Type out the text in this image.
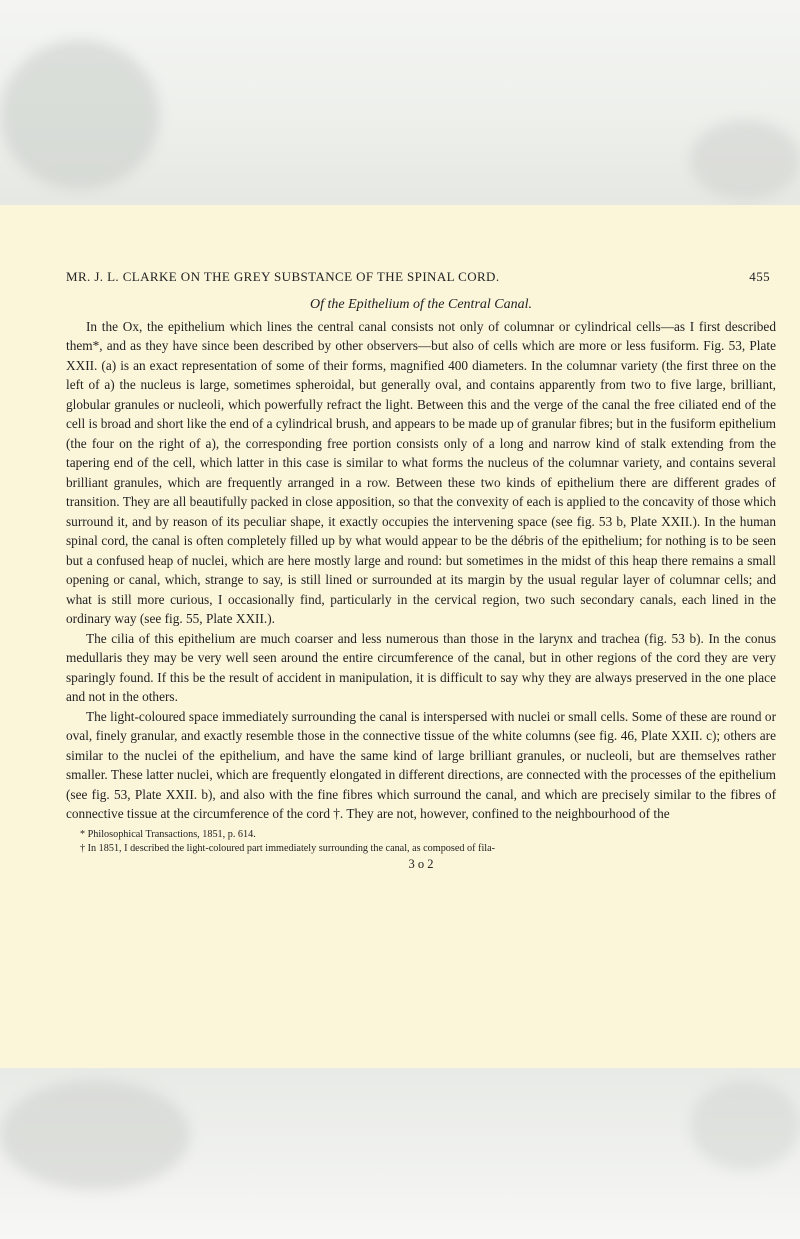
MR. J. L. CLARKE ON THE GREY SUBSTANCE OF THE SPINAL CORD.	455
Of the Epithelium of the Central Canal.

In the Ox, the epithelium which lines the central canal consists not only of columnar or cylindrical cells—as I first described them*, and as they have since been described by other observers—but also of cells which are more or less fusiform. Fig. 53, Plate XXII. (a) is an exact representation of some of their forms, magnified 400 diameters. In the columnar variety (the first three on the left of a) the nucleus is large, sometimes spheroidal, but generally oval, and contains apparently from two to five large, brilliant, globular granules or nucleoli, which powerfully refract the light. Between this and the verge of the canal the free ciliated end of the cell is broad and short like the end of a cylindrical brush, and appears to be made up of granular fibres; but in the fusiform epithelium (the four on the right of a), the corresponding free portion consists only of a long and narrow kind of stalk extending from the tapering end of the cell, which latter in this case is similar to what forms the nucleus of the columnar variety, and contains several brilliant granules, which are frequently arranged in a row. Between these two kinds of epithelium there are different grades of transition. They are all beautifully packed in close apposition, so that the convexity of each is applied to the concavity of those which surround it, and by reason of its peculiar shape, it exactly occupies the intervening space (see fig. 53 b, Plate XXII.). In the human spinal cord, the canal is often completely filled up by what would appear to be the débris of the epithelium; for nothing is to be seen but a confused heap of nuclei, which are here mostly large and round: but sometimes in the midst of this heap there remains a small opening or canal, which, strange to say, is still lined or surrounded at its margin by the usual regular layer of columnar cells; and what is still more curious, I occasionally find, particularly in the cervical region, two such secondary canals, each lined in the ordinary way (see fig. 55, Plate XXII.).

The cilia of this epithelium are much coarser and less numerous than those in the larynx and trachea (fig. 53 b). In the conus medullaris they may be very well seen around the entire circumference of the canal, but in other regions of the cord they are very sparingly found. If this be the result of accident in manipulation, it is difficult to say why they are always preserved in the one place and not in the others.

The light-coloured space immediately surrounding the canal is interspersed with nuclei or small cells. Some of these are round or oval, finely granular, and exactly resemble those in the connective tissue of the white columns (see fig. 46, Plate XXII. c); others are similar to the nuclei of the epithelium, and have the same kind of large brilliant granules, or nucleoli, but are themselves rather smaller. These latter nuclei, which are frequently elongated in different directions, are connected with the processes of the epithelium (see fig. 53, Plate XXII. b), and also with the fine fibres which surround the canal, and which are precisely similar to the fibres of connective tissue at the circumference of the cord †. They are not, however, confined to the neighbourhood of the

* Philosophical Transactions, 1851, p. 614.
† In 1851, I described the light-coloured part immediately surrounding the canal, as composed of fila-
3 o 2
